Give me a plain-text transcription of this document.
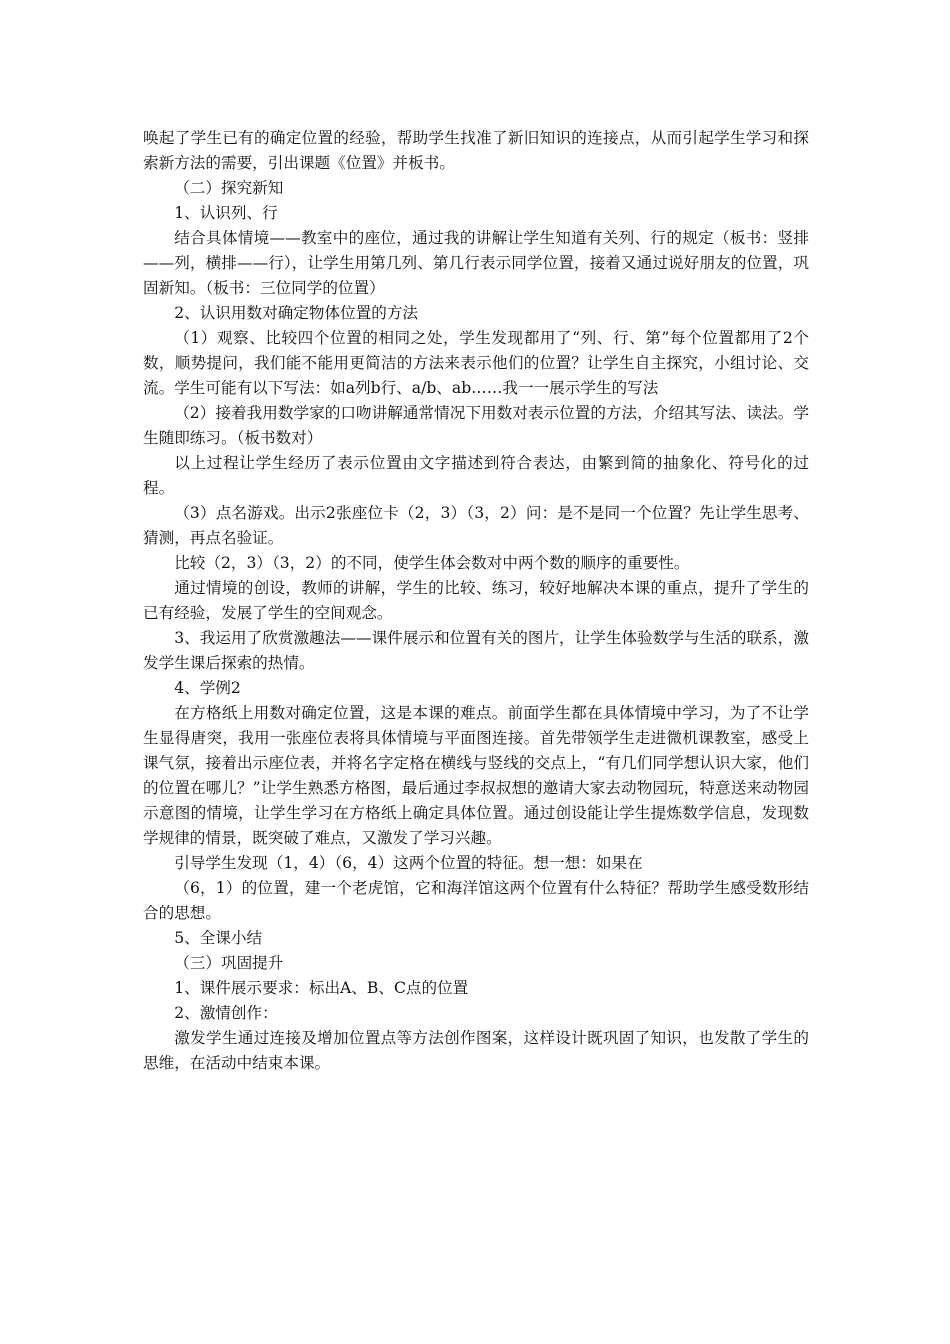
唤起了学生已有的确定位置的经验，帮助学生找准了新旧知识的连接点，从而引起学生学习和探索新方法的需要，引出课题《位置》并板书。

（二）探究新知

1、认识列、行

结合具体情境——教室中的座位，通过我的讲解让学生知道有关列、行的规定（板书：竖排——列，横排——行），让学生用第几列、第几行表示同学位置，接着又通过说好朋友的位置，巩固新知。（板书：三位同学的位置）

2、认识用数对确定物体位置的方法

（1）观察、比较四个位置的相同之处，学生发现都用了“列、行、第”每个位置都用了2个数，顺势提问，我们能不能用更简洁的方法来表示他们的位置？让学生自主探究，小组讨论、交流。学生可能有以下写法：如a列b行、a/b、ab……我一一展示学生的写法

（2）接着我用数学家的口吻讲解通常情况下用数对表示位置的方法，介绍其写法、读法。学生随即练习。（板书数对）

以上过程让学生经历了表示位置由文字描述到符合表达，由繁到简的抽象化、符号化的过程。

（3）点名游戏。出示2张座位卡（2，3）（3，2）问：是不是同一个位置？先让学生思考、猜测，再点名验证。

比较（2，3）（3，2）的不同，使学生体会数对中两个数的顺序的重要性。

通过情境的创设，教师的讲解，学生的比较、练习，较好地解决本课的重点，提升了学生的已有经验，发展了学生的空间观念。

3、我运用了欣赏激趣法——课件展示和位置有关的图片，让学生体验数学与生活的联系，激发学生课后探索的热情。

4、学例2

在方格纸上用数对确定位置，这是本课的难点。前面学生都在具体情境中学习，为了不让学生显得唐突，我用一张座位表将具体情境与平面图连接。首先带领学生走进微机课教室，感受上课气氛，接着出示座位表，并将名字定格在横线与竖线的交点上，“有几们同学想认识大家，他们的位置在哪儿？”让学生熟悉方格图，最后通过李叔叔想的邀请大家去动物园玩，特意送来动物园示意图的情境，让学生学习在方格纸上确定具体位置。通过创设能让学生提炼数学信息，发现数学规律的情景，既突破了难点，又激发了学习兴趣。

引导学生发现（1，4）（6，4）这两个位置的特征。想一想：如果在

（6，1）的位置，建一个老虎馆，它和海洋馆这两个位置有什么特征？帮助学生感受数形结合的思想。

5、全课小结

（三）巩固提升

1、课件展示要求：标出A、B、C点的位置

2、激情创作：

激发学生通过连接及增加位置点等方法创作图案，这样设计既巩固了知识，也发散了学生的思维，在活动中结束本课。
